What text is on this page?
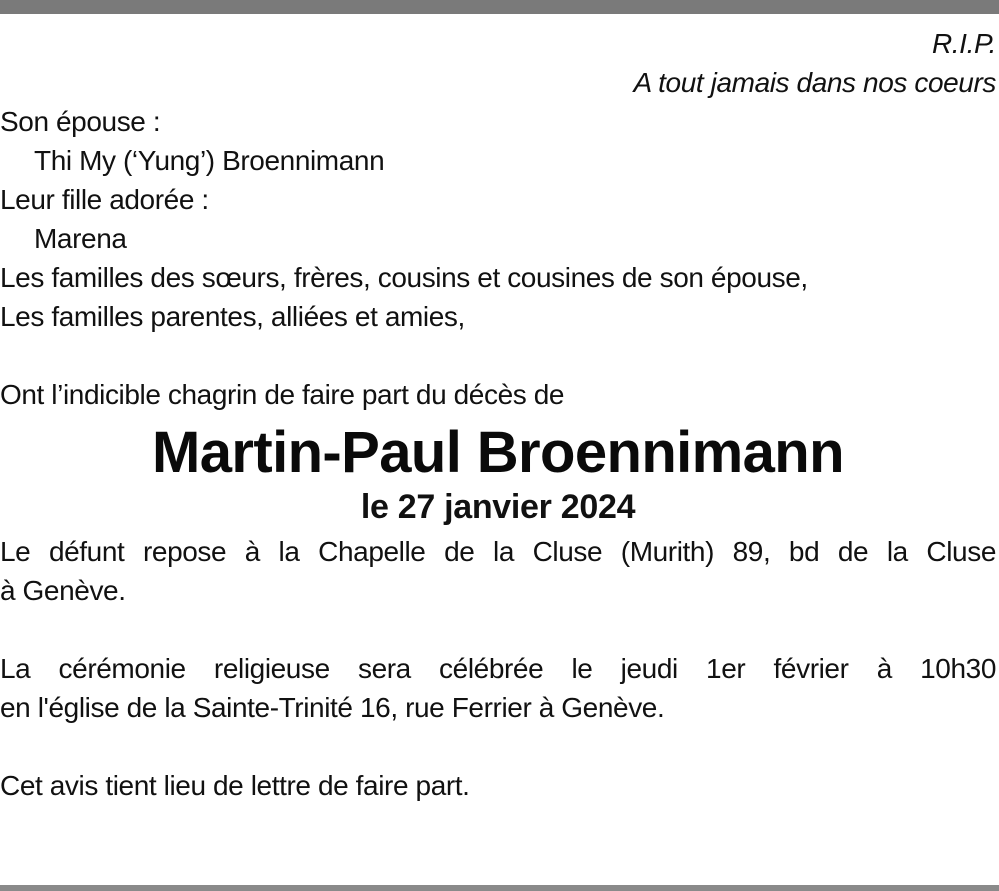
R.I.P.
A tout jamais dans nos coeurs
Son épouse :
Thi My (‘Yung’) Broennimann
Leur fille adorée :
Marena
Les familles des sœurs, frères, cousins et cousines de son épouse,
Les familles parentes, alliées et amies,
Ont l’indicible chagrin de faire part du décès de
Martin-Paul Broennimann
le 27 janvier 2024
Le défunt repose à la Chapelle de la Cluse (Murith) 89, bd de la Cluse
à Genève.
La cérémonie religieuse sera célébrée le jeudi 1er février à 10h30
en l'église de la Sainte-Trinité 16, rue Ferrier à Genève.
Cet avis tient lieu de lettre de faire part.
